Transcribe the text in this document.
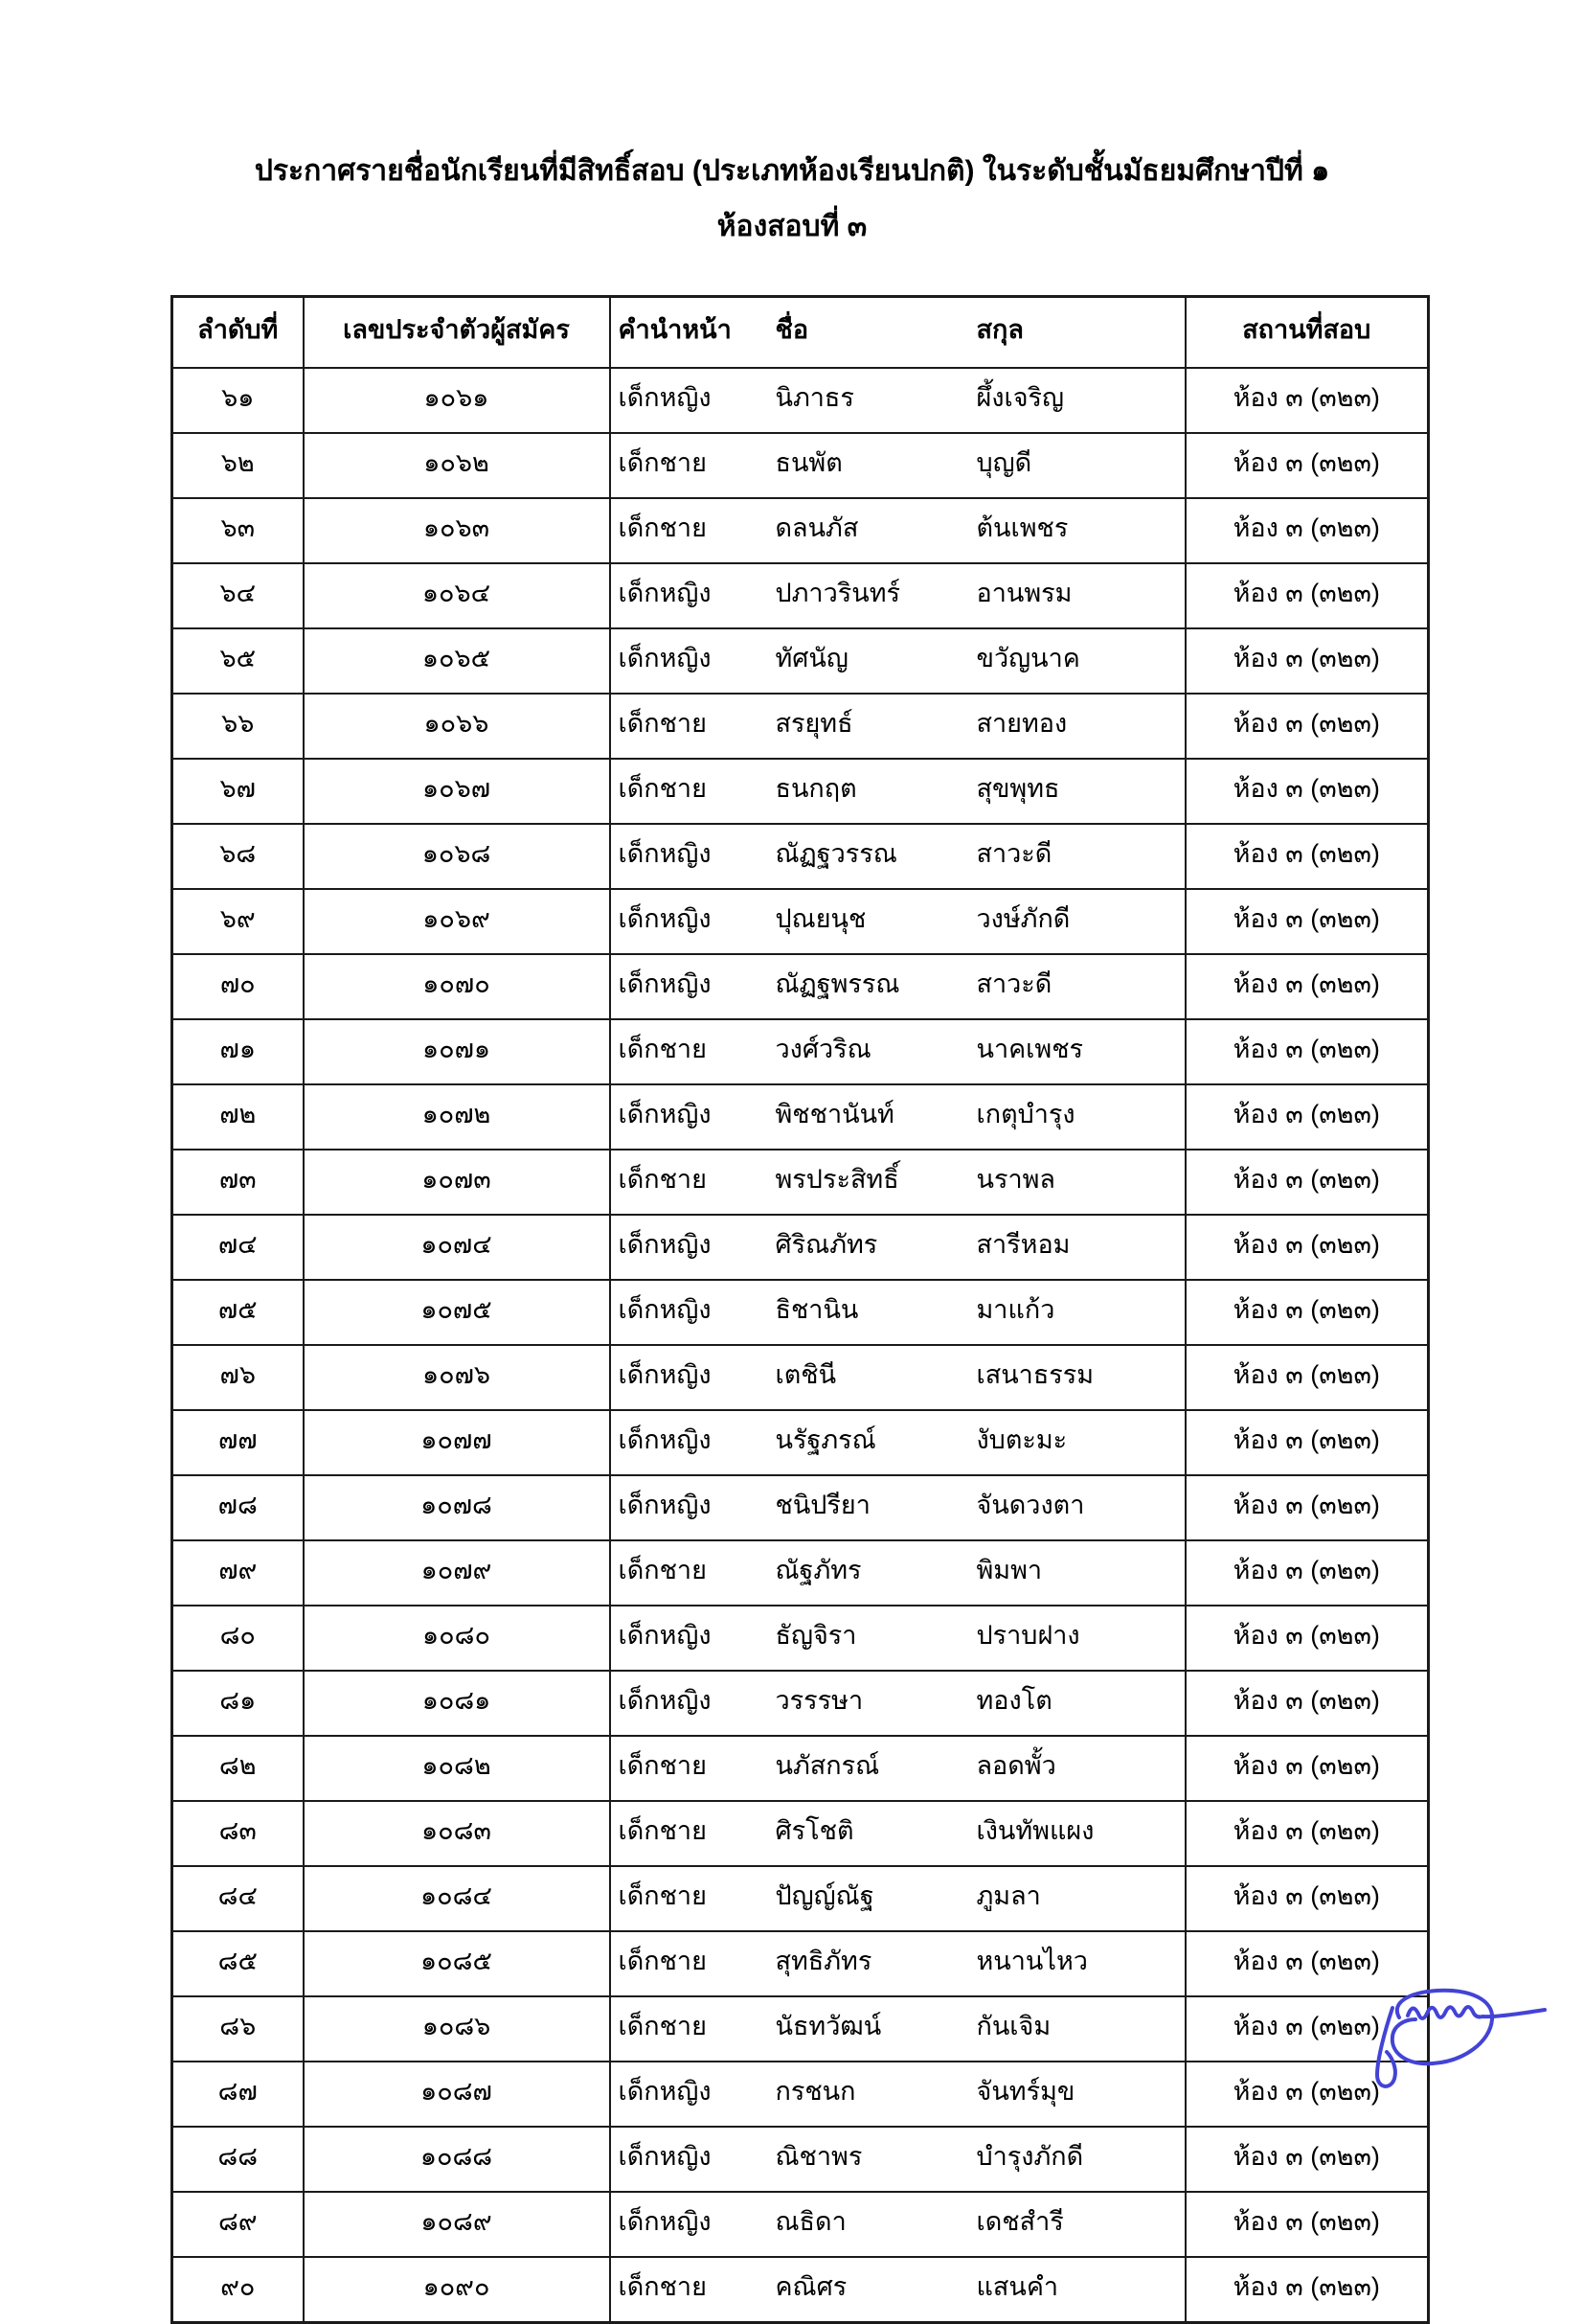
ประกาศรายชื่อนักเรียนที่มีสิทธิ์สอบ (ประเภทห้องเรียนปกติ) ในระดับชั้นมัธยมศึกษาปีที่ ๑
ห้องสอบที่ ๓
ลำดับที่	เลขประจำตัวผู้สมัคร	คำนำหน้า	ชื่อ	สกุล	สถานที่สอบ
๖๑	๑๐๖๑	เด็กหญิง	นิภาธร	ผึ้งเจริญ	ห้อง ๓ (๓๒๓)
๖๒	๑๐๖๒	เด็กชาย	ธนพัต	บุญดี	ห้อง ๓ (๓๒๓)
๖๓	๑๐๖๓	เด็กชาย	ดลนภัส	ต้นเพชร	ห้อง ๓ (๓๒๓)
๖๔	๑๐๖๔	เด็กหญิง	ปภาวรินทร์	อานพรม	ห้อง ๓ (๓๒๓)
๖๕	๑๐๖๕	เด็กหญิง	ทัศนัญ	ขวัญนาค	ห้อง ๓ (๓๒๓)
๖๖	๑๐๖๖	เด็กชาย	สรยุทธ์	สายทอง	ห้อง ๓ (๓๒๓)
๖๗	๑๐๖๗	เด็กชาย	ธนกฤต	สุขพุทธ	ห้อง ๓ (๓๒๓)
๖๘	๑๐๖๘	เด็กหญิง	ณัฏฐวรรณ	สาวะดี	ห้อง ๓ (๓๒๓)
๖๙	๑๐๖๙	เด็กหญิง	ปุณยนุช	วงษ์ภักดี	ห้อง ๓ (๓๒๓)
๗๐	๑๐๗๐	เด็กหญิง	ณัฏฐพรรณ	สาวะดี	ห้อง ๓ (๓๒๓)
๗๑	๑๐๗๑	เด็กชาย	วงศ์วริณ	นาคเพชร	ห้อง ๓ (๓๒๓)
๗๒	๑๐๗๒	เด็กหญิง	พิชชานันท์	เกตุบำรุง	ห้อง ๓ (๓๒๓)
๗๓	๑๐๗๓	เด็กชาย	พรประสิทธิ์	นราพล	ห้อง ๓ (๓๒๓)
๗๔	๑๐๗๔	เด็กหญิง	ศิริณภัทร	สารีหอม	ห้อง ๓ (๓๒๓)
๗๕	๑๐๗๕	เด็กหญิง	ธิชานิน	มาแก้ว	ห้อง ๓ (๓๒๓)
๗๖	๑๐๗๖	เด็กหญิง	เตชินี	เสนาธรรม	ห้อง ๓ (๓๒๓)
๗๗	๑๐๗๗	เด็กหญิง	นรัฐภรณ์	งับตะมะ	ห้อง ๓ (๓๒๓)
๗๘	๑๐๗๘	เด็กหญิง	ชนิปรียา	จันดวงตา	ห้อง ๓ (๓๒๓)
๗๙	๑๐๗๙	เด็กชาย	ณัฐภัทร	พิมพา	ห้อง ๓ (๓๒๓)
๘๐	๑๐๘๐	เด็กหญิง	ธัญจิรา	ปราบฝาง	ห้อง ๓ (๓๒๓)
๘๑	๑๐๘๑	เด็กหญิง	วรรรษา	ทองโต	ห้อง ๓ (๓๒๓)
๘๒	๑๐๘๒	เด็กชาย	นภัสกรณ์	ลอดพั้ว	ห้อง ๓ (๓๒๓)
๘๓	๑๐๘๓	เด็กชาย	ศิรโชติ	เงินทัพแผง	ห้อง ๓ (๓๒๓)
๘๔	๑๐๘๔	เด็กชาย	ปัญญ์ณัฐ	ภูมลา	ห้อง ๓ (๓๒๓)
๘๕	๑๐๘๕	เด็กชาย	สุทธิภัทร	หนานไหว	ห้อง ๓ (๓๒๓)
๘๖	๑๐๘๖	เด็กชาย	นัธทวัฒน์	กันเจิม	ห้อง ๓ (๓๒๓)
๘๗	๑๐๘๗	เด็กหญิง	กรชนก	จันทร์มุข	ห้อง ๓ (๓๒๓)
๘๘	๑๐๘๘	เด็กหญิง	ณิชาพร	บำรุงภักดี	ห้อง ๓ (๓๒๓)
๘๙	๑๐๘๙	เด็กหญิง	ณธิดา	เดชสำรี	ห้อง ๓ (๓๒๓)
๙๐	๑๐๙๐	เด็กชาย	คณิศร	แสนคำ	ห้อง ๓ (๓๒๓)
